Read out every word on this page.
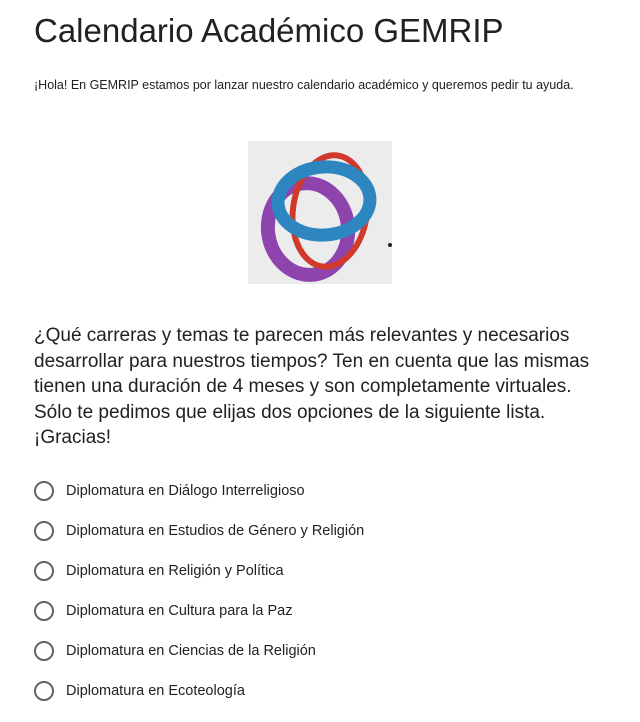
Calendario Académico GEMRIP
¡Hola! En GEMRIP estamos por lanzar nuestro calendario académico y queremos pedir tu ayuda.
¿Qué carreras y temas te parecen más relevantes y necesarios desarrollar para nuestros tiempos? Ten en cuenta que las mismas tienen una duración de 4 meses y son completamente virtuales. Sólo te pedimos que elijas dos opciones de la siguiente lista. ¡Gracias!
Diplomatura en Diálogo Interreligioso
Diplomatura en Estudios de Género y Religión
Diplomatura en Religión y Política
Diplomatura en Cultura para la Paz
Diplomatura en Ciencias de la Religión
Diplomatura en Ecoteología
